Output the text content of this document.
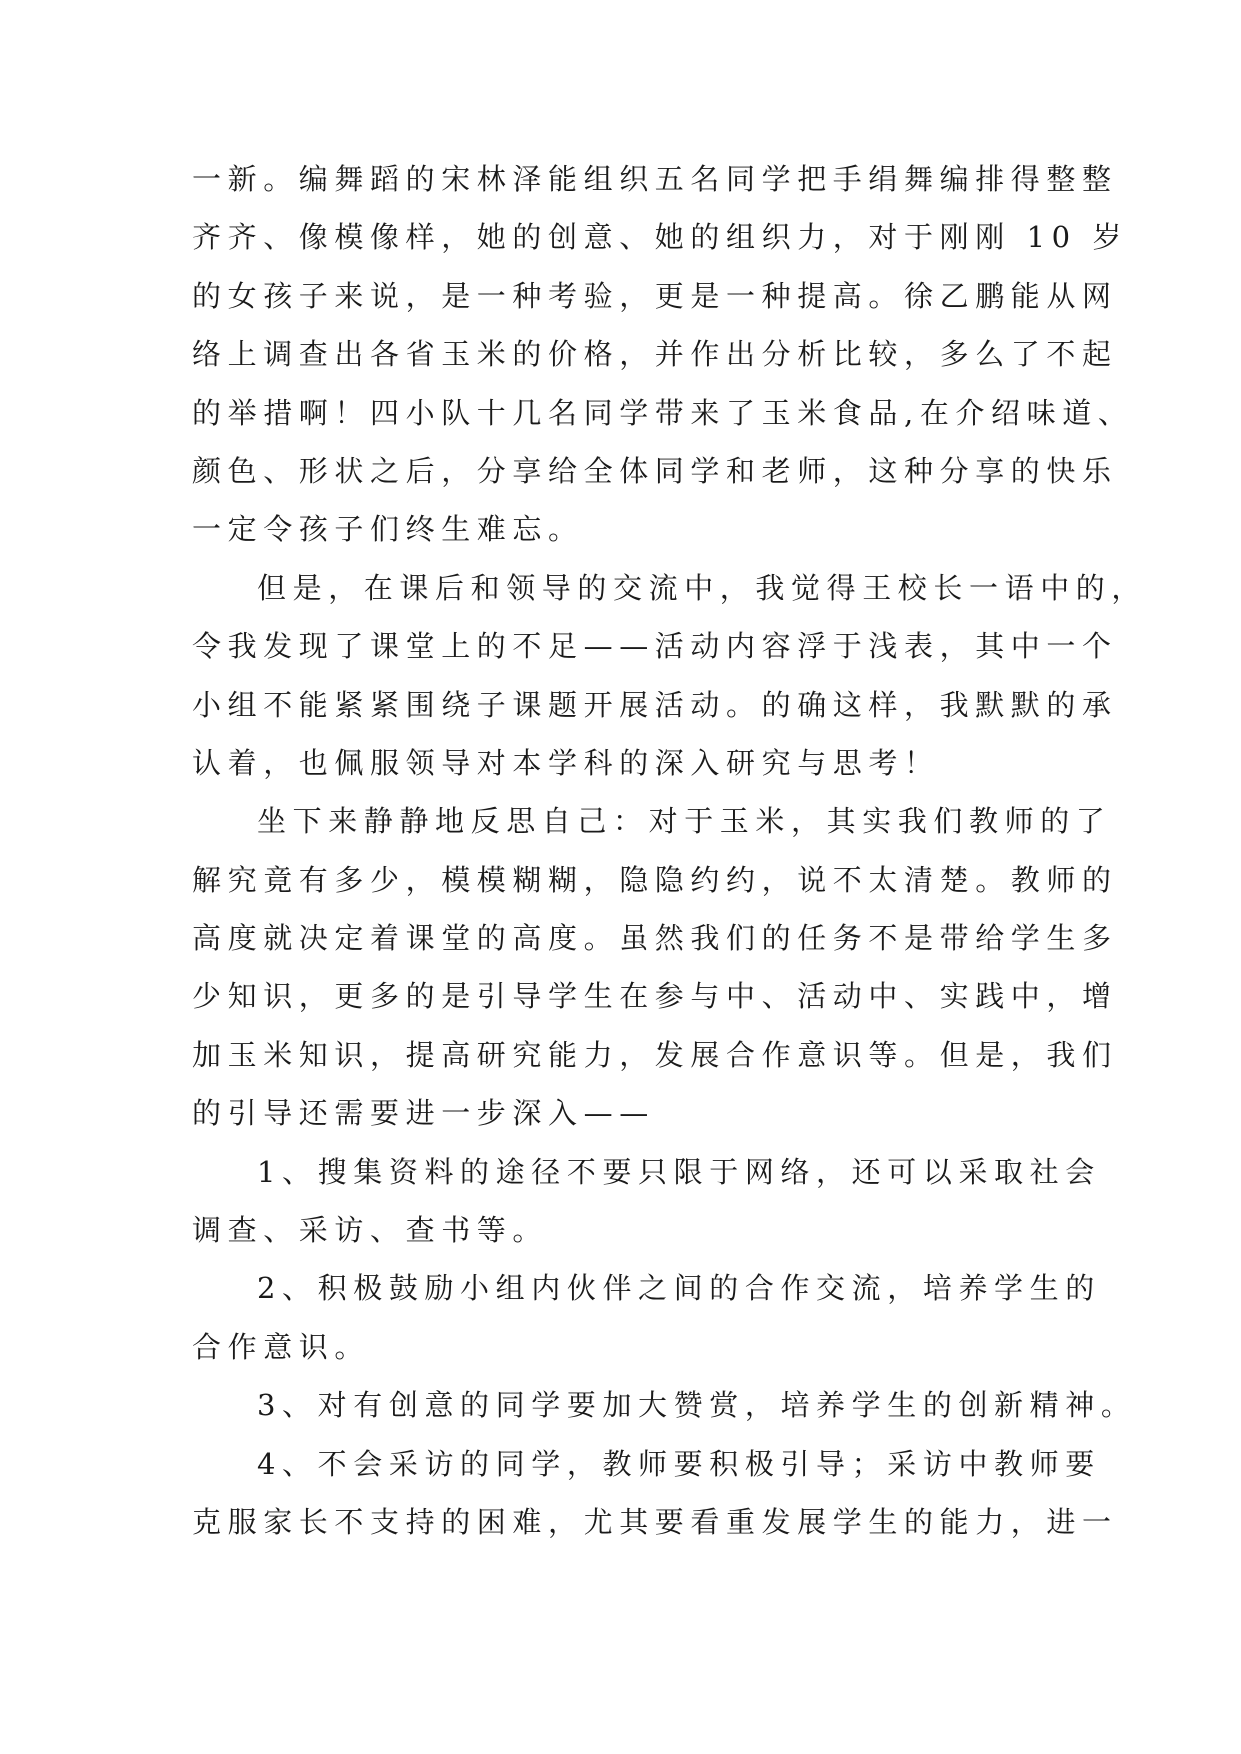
一新。编舞蹈的宋林泽能组织五名同学把手绢舞编排得整整
齐齐、像模像样，她的创意、她的组织力，对于刚刚 10 岁
的女孩子来说，是一种考验，更是一种提高。徐乙鹏能从网
络上调查出各省玉米的价格，并作出分析比较，多么了不起
的举措啊！四小队十几名同学带来了玉米食品,在介绍味道、
颜色、形状之后，分享给全体同学和老师，这种分享的快乐
一定令孩子们终生难忘。
但是，在课后和领导的交流中，我觉得王校长一语中的，
令我发现了课堂上的不足——活动内容浮于浅表，其中一个
小组不能紧紧围绕子课题开展活动。的确这样，我默默的承
认着，也佩服领导对本学科的深入研究与思考！
坐下来静静地反思自己：对于玉米，其实我们教师的了
解究竟有多少，模模糊糊，隐隐约约，说不太清楚。教师的
高度就决定着课堂的高度。虽然我们的任务不是带给学生多
少知识，更多的是引导学生在参与中、活动中、实践中，增
加玉米知识，提高研究能力，发展合作意识等。但是，我们
的引导还需要进一步深入——
1、搜集资料的途径不要只限于网络，还可以采取社会
调查、采访、查书等。
2、积极鼓励小组内伙伴之间的合作交流，培养学生的
合作意识。
3、对有创意的同学要加大赞赏，培养学生的创新精神。
4、不会采访的同学，教师要积极引导；采访中教师要
克服家长不支持的困难，尤其要看重发展学生的能力，进一
